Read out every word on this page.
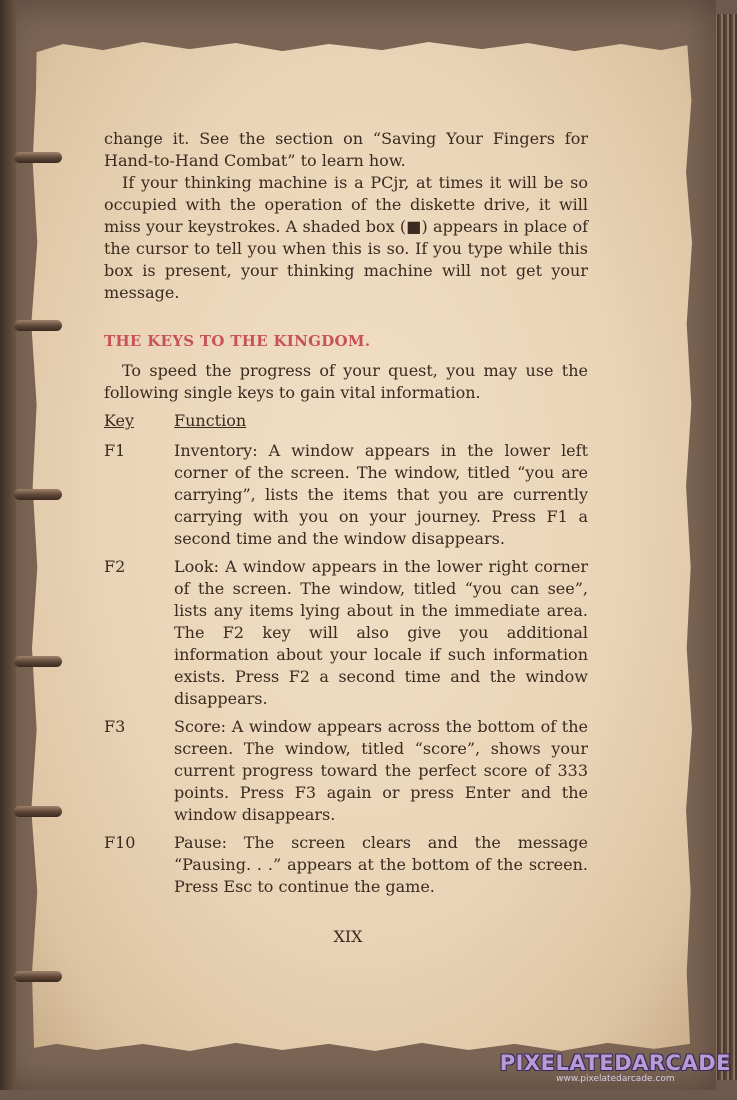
change it. See the section on “Saving Your Fingers for Hand-to-Hand Combat” to learn how.

If your thinking machine is a PCjr, at times it will be so occupied with the operation of the diskette drive, it will miss your keystrokes. A shaded box (■) appears in place of the cursor to tell you when this is so. If you type while this box is present, your thinking machine will not get your message.

THE KEYS TO THE KINGDOM.

To speed the progress of your quest, you may use the following single keys to gain vital information.

Key	Function
F1	Inventory: A window appears in the lower left corner of the screen. The window, titled “you are carrying”, lists the items that you are currently carrying with you on your journey. Press F1 a second time and the window disappears.
F2	Look: A window appears in the lower right corner of the screen. The window, titled “you can see”, lists any items lying about in the immediate area. The F2 key will also give you additional information about your locale if such information exists. Press F2 a second time and the window disappears.
F3	Score: A window appears across the bottom of the screen. The window, titled “score”, shows your current progress toward the perfect score of 333 points. Press F3 again or press Enter and the window disappears.
F10	Pause: The screen clears and the message “Pausing. . .” appears at the bottom of the screen. Press Esc to continue the game.
XIX
PIXELATEDARCADE
www.pixelatedarcade.com
